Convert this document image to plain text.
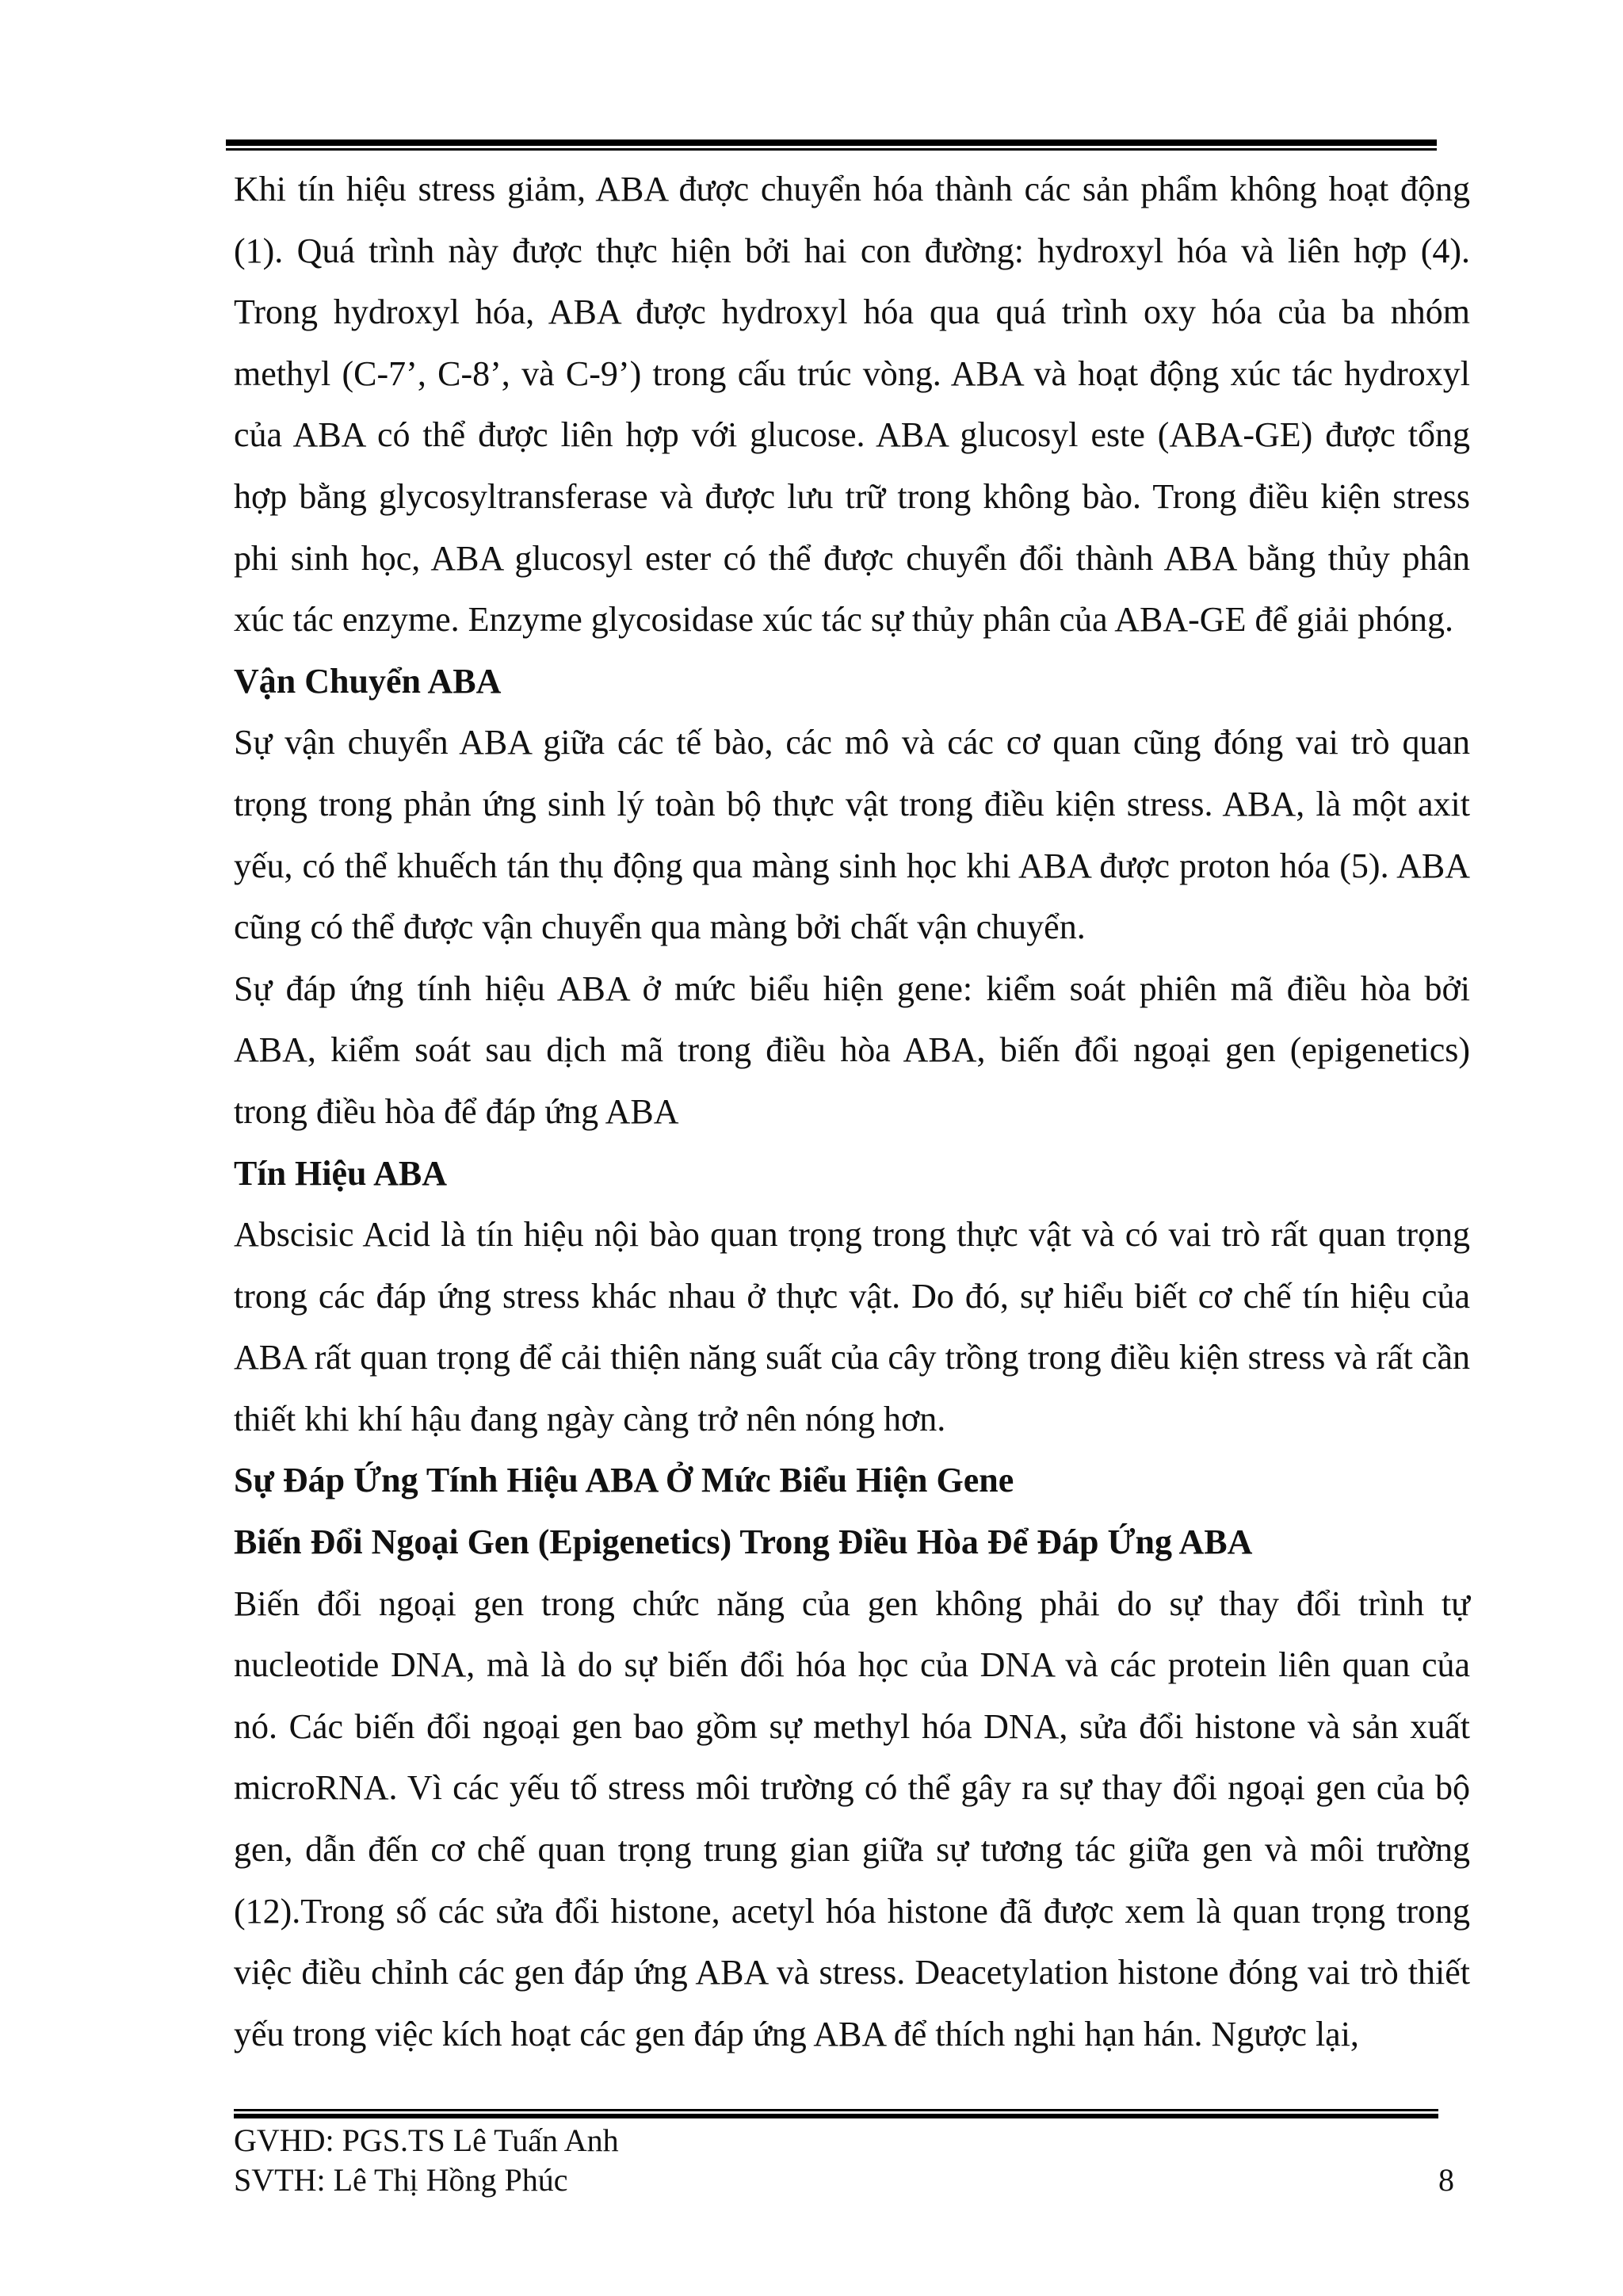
Khi tín hiệu stress giảm, ABA được chuyển hóa thành các sản phẩm không hoạt động (1). Quá trình này được thực hiện bởi hai con đường: hydroxyl hóa và liên hợp (4). Trong hydroxyl hóa, ABA được hydroxyl hóa qua quá trình oxy hóa của ba nhóm methyl (C-7’, C-8’, và C-9’) trong cấu trúc vòng. ABA và hoạt động xúc tác hydroxyl của ABA có thể được liên hợp với glucose. ABA glucosyl este (ABA-GE) được tổng hợp bằng glycosyltransferase và được lưu trữ trong không bào. Trong điều kiện stress phi sinh học, ABA glucosyl ester có thể được chuyển đổi thành ABA bằng thủy phân xúc tác enzyme. Enzyme glycosidase xúc tác sự thủy phân của ABA-GE để giải phóng.

Vận Chuyển ABA

Sự vận chuyển ABA giữa các tế bào, các mô và các cơ quan cũng đóng vai trò quan trọng trong phản ứng sinh lý toàn bộ thực vật trong điều kiện stress. ABA, là một axit yếu, có thể khuếch tán thụ động qua màng sinh học khi ABA được proton hóa (5). ABA cũng có thể được vận chuyển qua màng bởi chất vận chuyển.

Sự đáp ứng tính hiệu ABA ở mức biểu hiện gene: kiểm soát phiên mã điều hòa bởi ABA, kiểm soát sau dịch mã trong điều hòa ABA, biến đổi ngoại gen (epigenetics) trong điều hòa để đáp ứng ABA

Tín Hiệu ABA

Abscisic Acid là tín hiệu nội bào quan trọng trong thực vật và có vai trò rất quan trọng trong các đáp ứng stress khác nhau ở thực vật. Do đó, sự hiểu biết cơ chế tín hiệu của ABA rất quan trọng để cải thiện năng suất của cây trồng trong điều kiện stress và rất cần thiết khi khí hậu đang ngày càng trở nên nóng hơn.

Sự Đáp Ứng Tính Hiệu ABA Ở Mức Biểu Hiện Gene
Biến Đổi Ngoại Gen (Epigenetics) Trong Điều Hòa Để Đáp Ứng ABA

Biến đổi ngoại gen trong chức năng của gen không phải do sự thay đổi trình tự nucleotide DNA, mà là do sự biến đổi hóa học của DNA và các protein liên quan của nó. Các biến đổi ngoại gen bao gồm sự methyl hóa DNA, sửa đổi histone và sản xuất microRNA. Vì các yếu tố stress môi trường có thể gây ra sự thay đổi ngoại gen của bộ gen, dẫn đến cơ chế quan trọng trung gian giữa sự tương tác giữa gen và môi trường (12).Trong số các sửa đổi histone, acetyl hóa histone đã được xem là quan trọng trong việc điều chỉnh các gen đáp ứng ABA và stress. Deacetylation histone đóng vai trò thiết yếu trong việc kích hoạt các gen đáp ứng ABA để thích nghi hạn hán. Ngược lại,

GVHD: PGS.TS Lê Tuấn Anh
SVTH: Lê Thị Hồng Phúc	8
